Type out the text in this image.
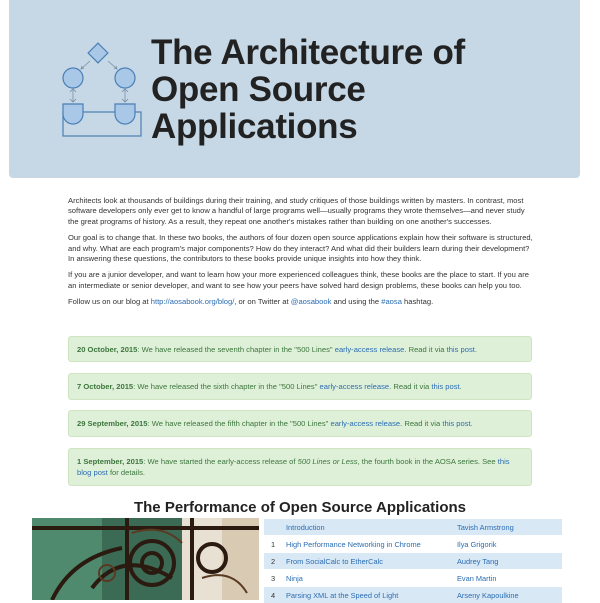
The Architecture of
Open Source
Applications

Architects look at thousands of buildings during their training, and study critiques of those buildings written by masters. In contrast, most software developers only ever get to know a handful of large programs well—usually programs they wrote themselves—and never study the great programs of history. As a result, they repeat one another's mistakes rather than building on one another's successes.

Our goal is to change that. In these two books, the authors of four dozen open source applications explain how their software is structured, and why. What are each program's major components? How do they interact? And what did their builders learn during their development? In answering these questions, the contributors to these books provide unique insights into how they think.

If you are a junior developer, and want to learn how your more experienced colleagues think, these books are the place to start. If you are an intermediate or senior developer, and want to see how your peers have solved hard design problems, these books can help you too.

Follow us on our blog at http://aosabook.org/blog/, or on Twitter at @aosabook and using the #aosa hashtag.

20 October, 2015: We have released the seventh chapter in the "500 Lines" early-access release. Read it via this post.
7 October, 2015: We have released the sixth chapter in the "500 Lines" early-access release. Read it via this post.
29 September, 2015: We have released the fifth chapter in the "500 Lines" early-access release. Read it via this post.
1 September, 2015: We have started the early-access release of 500 Lines or Less, the fourth book in the AOSA series. See this blog post for details.
The Performance of Open Source Applications
	Introduction	Tavish Armstrong
1	High Performance Networking in Chrome	Ilya Grigorik
2	From SocialCalc to EtherCalc	Audrey Tang
3	Ninja	Evan Martin
4	Parsing XML at the Speed of Light	Arseny Kapoulkine
